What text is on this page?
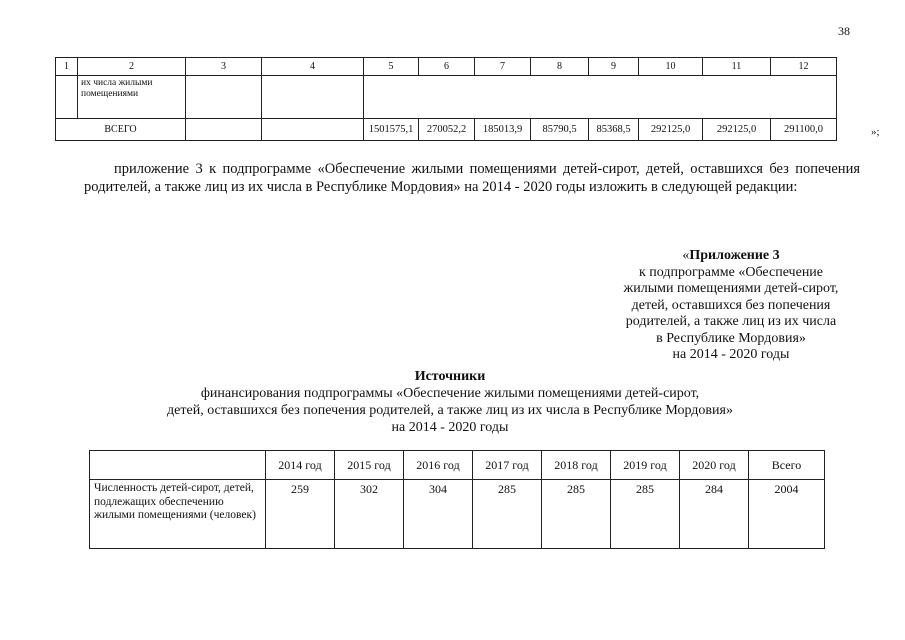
38
1	2	3	4	5	6	7	8	9	10	11	12
	их числа жилыми помещениями										
ВСЕГО				1501575,1	270052,2	185013,9	85790,5	85368,5	292125,0	292125,0	291100,0	»;
приложение 3 к подпрограмме «Обеспечение жилыми помещениями детей-сирот, детей, оставшихся без попечения родителей, а также лиц из их числа в Республике Мордовия» на 2014 - 2020 годы изложить в следующей редакции:
«Приложение 3
к подпрограмме «Обеспечение
жилыми помещениями детей-сирот,
детей, оставшихся без попечения
родителей, а также лиц из их числа
в Республике Мордовия»
на 2014 - 2020 годы
Источники
финансирования подпрограммы «Обеспечение жилыми помещениями детей-сирот,
детей, оставшихся без попечения родителей, а также лиц из их числа в Республике Мордовия»
на 2014 - 2020 годы
	2014 год	2015 год	2016 год	2017 год	2018 год	2019 год	2020 год	Всего
Численность детей-сирот, детей, подлежащих обеспечению жилыми помещениями (человек)	259	302	304	285	285	285	284	2004
